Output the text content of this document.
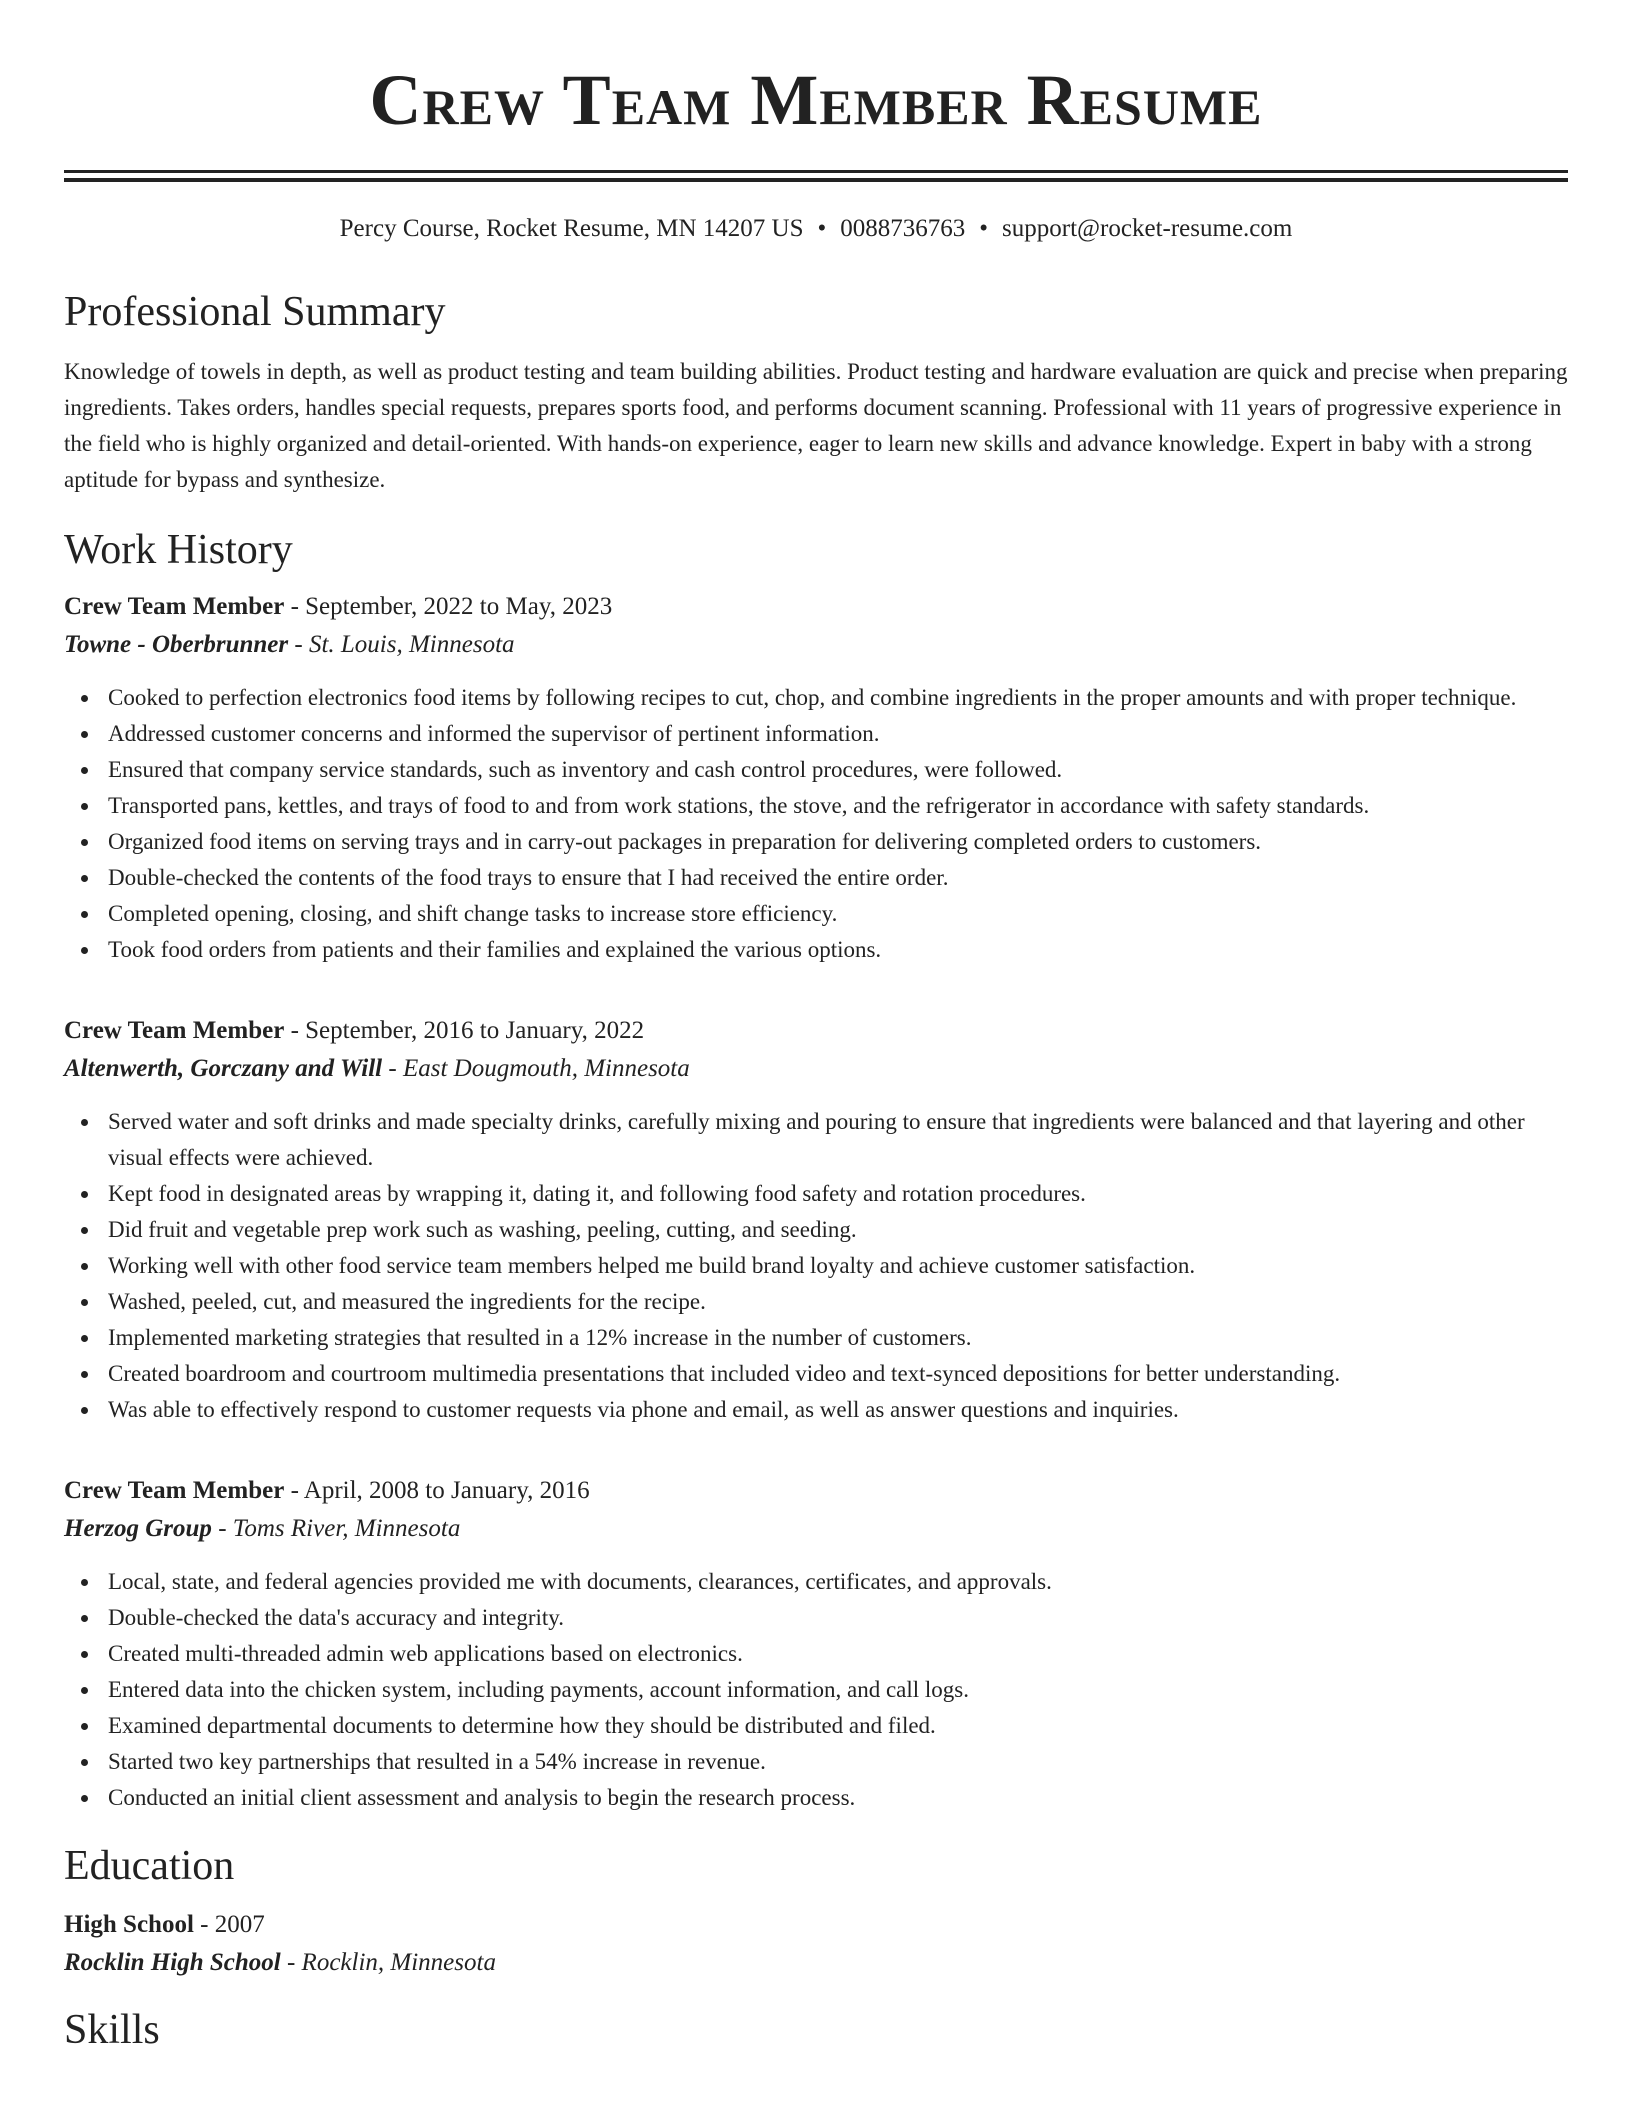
Crew Team Member Resume
Percy Course, Rocket Resume, MN 14207 US • 0088736763 • support@rocket-resume.com
Professional Summary

Knowledge of towels in depth, as well as product testing and team building abilities. Product testing and hardware evaluation are quick and precise when preparing ingredients. Takes orders, handles special requests, prepares sports food, and performs document scanning. Professional with 11 years of progressive experience in the field who is highly organized and detail-oriented. With hands-on experience, eager to learn new skills and advance knowledge. Expert in baby with a strong aptitude for bypass and synthesize.

Work History
Crew Team Member - September, 2022 to May, 2023
Towne - Oberbrunner - St. Louis, Minnesota
Cooked to perfection electronics food items by following recipes to cut, chop, and combine ingredients in the proper amounts and with proper technique.
Addressed customer concerns and informed the supervisor of pertinent information.
Ensured that company service standards, such as inventory and cash control procedures, were followed.
Transported pans, kettles, and trays of food to and from work stations, the stove, and the refrigerator in accordance with safety standards.
Organized food items on serving trays and in carry-out packages in preparation for delivering completed orders to customers.
Double-checked the contents of the food trays to ensure that I had received the entire order.
Completed opening, closing, and shift change tasks to increase store efficiency.
Took food orders from patients and their families and explained the various options.
Crew Team Member - September, 2016 to January, 2022
Altenwerth, Gorczany and Will - East Dougmouth, Minnesota
Served water and soft drinks and made specialty drinks, carefully mixing and pouring to ensure that ingredients were balanced and that layering and other visual effects were achieved.
Kept food in designated areas by wrapping it, dating it, and following food safety and rotation procedures.
Did fruit and vegetable prep work such as washing, peeling, cutting, and seeding.
Working well with other food service team members helped me build brand loyalty and achieve customer satisfaction.
Washed, peeled, cut, and measured the ingredients for the recipe.
Implemented marketing strategies that resulted in a 12% increase in the number of customers.
Created boardroom and courtroom multimedia presentations that included video and text-synced depositions for better understanding.
Was able to effectively respond to customer requests via phone and email, as well as answer questions and inquiries.
Crew Team Member - April, 2008 to January, 2016
Herzog Group - Toms River, Minnesota
Local, state, and federal agencies provided me with documents, clearances, certificates, and approvals.
Double-checked the data's accuracy and integrity.
Created multi-threaded admin web applications based on electronics.
Entered data into the chicken system, including payments, account information, and call logs.
Examined departmental documents to determine how they should be distributed and filed.
Started two key partnerships that resulted in a 54% increase in revenue.
Conducted an initial client assessment and analysis to begin the research process.
Education
High School - 2007
Rocklin High School - Rocklin, Minnesota
Skills
